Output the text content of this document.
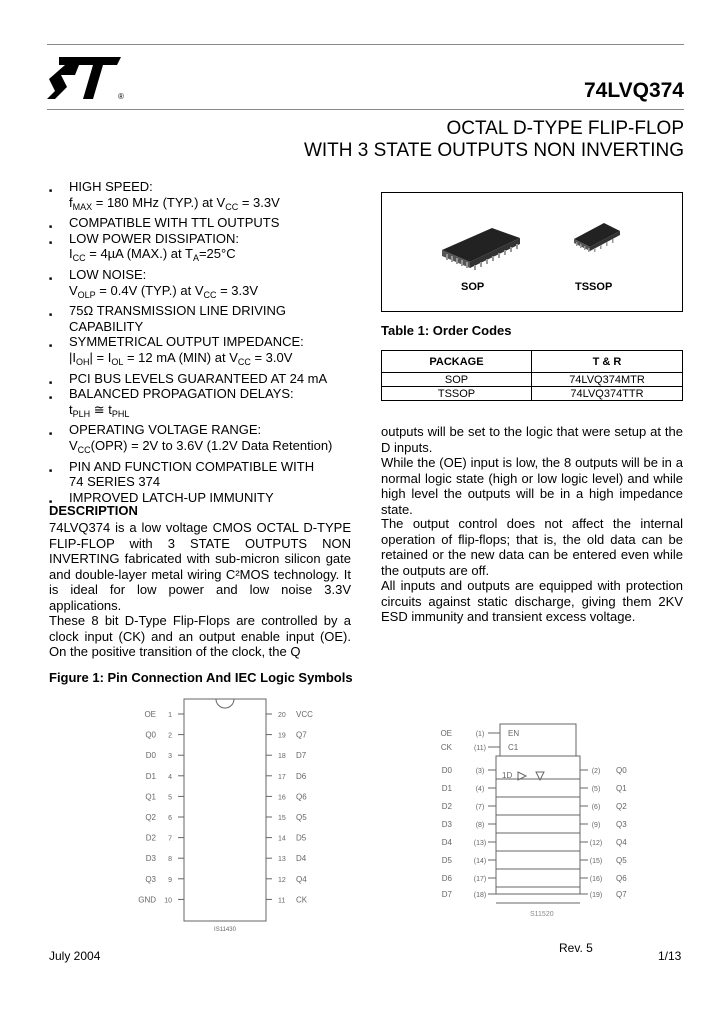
®	74LVQ374
OCTAL D-TYPE FLIP-FLOP
WITH 3 STATE OUTPUTS NON INVERTING
■ HIGH SPEED:
$f_{MAX} = 180$ MHz (TYP.) at $V_{CC} = 3.3V$
■ COMPATIBLE WITH TTL OUTPUTS
■ LOW POWER DISSIPATION:
$I_{CC} = 4\mu A$ (MAX.) at $T_A=25^\circ C$
■ LOW NOISE:
$V_{OLP} = 0.4V$ (TYP.) at $V_{CC} = 3.3V$
■ 75Ω TRANSMISSION LINE DRIVING
CAPABILITY
■ SYMMETRICAL OUTPUT IMPEDANCE:
$|I_{OH}| = I_{OL} = 12$ mA (MIN) at $V_{CC} = 3.0V$
■ PCI BUS LEVELS GUARANTEED AT 24 mA
■ BALANCED PROPAGATION DELAYS:
$t_{PLH}$ ≅ $t_{PHL}$
■ OPERATING VOLTAGE RANGE:
$V_{CC}(OPR) = 2V$ to 3.6V (1.2V Data Retention)
■ PIN AND FUNCTION COMPATIBLE WITH
74 SERIES 374
■ IMPROVED LATCH-UP IMMUNITY
SOP	TSSOP
Table 1: Order Codes
PACKAGE	T & R
SOP	74LVQ374MTR
TSSOP	74LVQ374TTR
DESCRIPTION
74LVQ374 is a low voltage CMOS OCTAL D-TYPE FLIP-FLOP with 3 STATE OUTPUTS NON INVERTING fabricated with sub-micron silicon gate and double-layer metal wiring C²MOS technology. It is ideal for low power and low noise 3.3V applications.
These 8 bit D-Type Flip-Flops are controlled by a clock input (CK) and an output enable input (OE). On the positive transition of the clock, the Q
outputs will be set to the logic that were setup at the D inputs.
While the (OE) input is low, the 8 outputs will be in a normal logic state (high or low logic level) and while high level the outputs will be in a high impedance state.
The output control does not affect the internal operation of flip-flops; that is, the old data can be retained or the new data can be entered even while the outputs are off.
All inputs and outputs are equipped with protection circuits against static discharge, giving them 2KV ESD immunity and transient excess voltage.
Figure 1: Pin Connection And IEC Logic Symbols
OE 1	20 VCC
Q0 2	19 Q7
D0 3	18 D7
D1 4	17 D6
Q1 5	16 Q6
Q2 6	15 Q5
D2 7	14 D5
D3 8	13 D4
Q3 9	12 Q4
GND 10	11 CK
IS11430
EN
C1
1D
OE	(1)
CK	(11)
D0	(3)	(2) Q0
D1	(4)	(5) Q1
D2	(7)	(6) Q2
D3	(8)	(9) Q3
D4	(13)	(12) Q4
D5	(14)	(15) Q5
D6	(17)	(16) Q6
D7	(18)	(19) Q7
S11520
July 2004
Rev. 5
1/13
